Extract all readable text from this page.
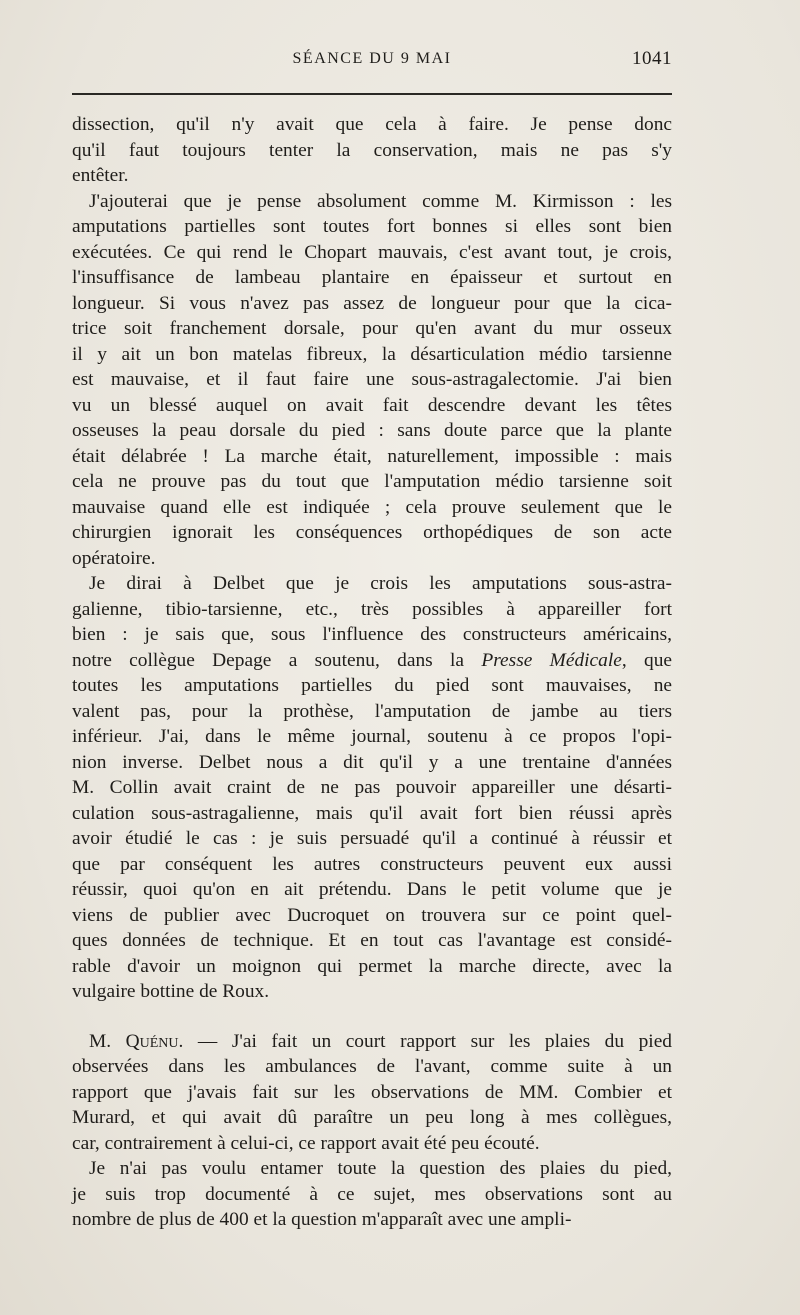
SÉANCE DU 9 MAI	1041

dissection, qu'il n'y avait que cela à faire. Je pense donc
qu'il faut toujours tenter la conservation, mais ne pas s'y
entêter.

J'ajouterai que je pense absolument comme M. Kirmisson : les
amputations partielles sont toutes fort bonnes si elles sont bien
exécutées. Ce qui rend le Chopart mauvais, c'est avant tout, je crois,
l'insuffisance de lambeau plantaire en épaisseur et surtout en
longueur. Si vous n'avez pas assez de longueur pour que la cica-
trice soit franchement dorsale, pour qu'en avant du mur osseux
il y ait un bon matelas fibreux, la désarticulation médio tarsienne
est mauvaise, et il faut faire une sous-astragalectomie. J'ai bien
vu un blessé auquel on avait fait descendre devant les têtes
osseuses la peau dorsale du pied : sans doute parce que la plante
était délabrée ! La marche était, naturellement, impossible : mais
cela ne prouve pas du tout que l'amputation médio tarsienne soit
mauvaise quand elle est indiquée ; cela prouve seulement que le
chirurgien ignorait les conséquences orthopédiques de son acte
opératoire.

Je dirai à Delbet que je crois les amputations sous-astra-
galienne, tibio-tarsienne, etc., très possibles à appareiller fort
bien : je sais que, sous l'influence des constructeurs américains,
notre collègue Depage a soutenu, dans la Presse Médicale, que
toutes les amputations partielles du pied sont mauvaises, ne
valent pas, pour la prothèse, l'amputation de jambe au tiers
inférieur. J'ai, dans le même journal, soutenu à ce propos l'opi-
nion inverse. Delbet nous a dit qu'il y a une trentaine d'années
M. Collin avait craint de ne pas pouvoir appareiller une désarti-
culation sous-astragalienne, mais qu'il avait fort bien réussi après
avoir étudié le cas : je suis persuadé qu'il a continué à réussir et
que par conséquent les autres constructeurs peuvent eux aussi
réussir, quoi qu'on en ait prétendu. Dans le petit volume que je
viens de publier avec Ducroquet on trouvera sur ce point quel-
ques données de technique. Et en tout cas l'avantage est considé-
rable d'avoir un moignon qui permet la marche directe, avec la
vulgaire bottine de Roux.

M. Quénu. — J'ai fait un court rapport sur les plaies du pied
observées dans les ambulances de l'avant, comme suite à un
rapport que j'avais fait sur les observations de MM. Combier et
Murard, et qui avait dû paraître un peu long à mes collègues,
car, contrairement à celui-ci, ce rapport avait été peu écouté.

Je n'ai pas voulu entamer toute la question des plaies du pied,
je suis trop documenté à ce sujet, mes observations sont au
nombre de plus de 400 et la question m'apparaît avec une ampli-
